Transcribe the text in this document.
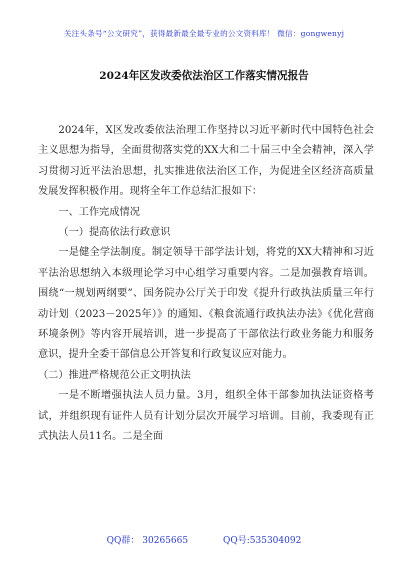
关注头条号“公文研究”，获得最新最全最专业的公文资料库！ 微信：gongwenyj
2024年区发改委依法治区工作落实情况报告

2024年，X区发改委依法治理工作坚持以习近平新时代中国特色社会主义思想为指导，全面贯彻落实党的XX大和二十届三中全会精神，深入学习贯彻习近平法治思想，扎实推进依法治区工作，为促进全区经济高质量发展发挥积极作用。现将全年工作总结汇报如下：

一、工作完成情况
（一）提高依法行政意识

一是健全学法制度。制定领导干部学法计划，将党的XX大精神和习近平法治思想纳入本级理论学习中心组学习重要内容。二是加强教育培训。围绕“一规划两纲要”、国务院办公厅关于印发《提升行政执法质量三年行动计划（2023－2025年）》的通知、《粮食流通行政执法办法》《优化营商环境条例》等内容开展培训，进一步提高了干部依法行政业务能力和服务意识，提升全委干部信息公开答复和行政复议应对能力。

（二）推进严格规范公正文明执法

一是不断增强执法人员力量。3月，组织全体干部参加执法证资格考试，并组织现有证件人员有计划分层次开展学习培训。目前，我委现有正式执法人员11名。二是全面

QQ群： 30265665	QQ号:535304092
